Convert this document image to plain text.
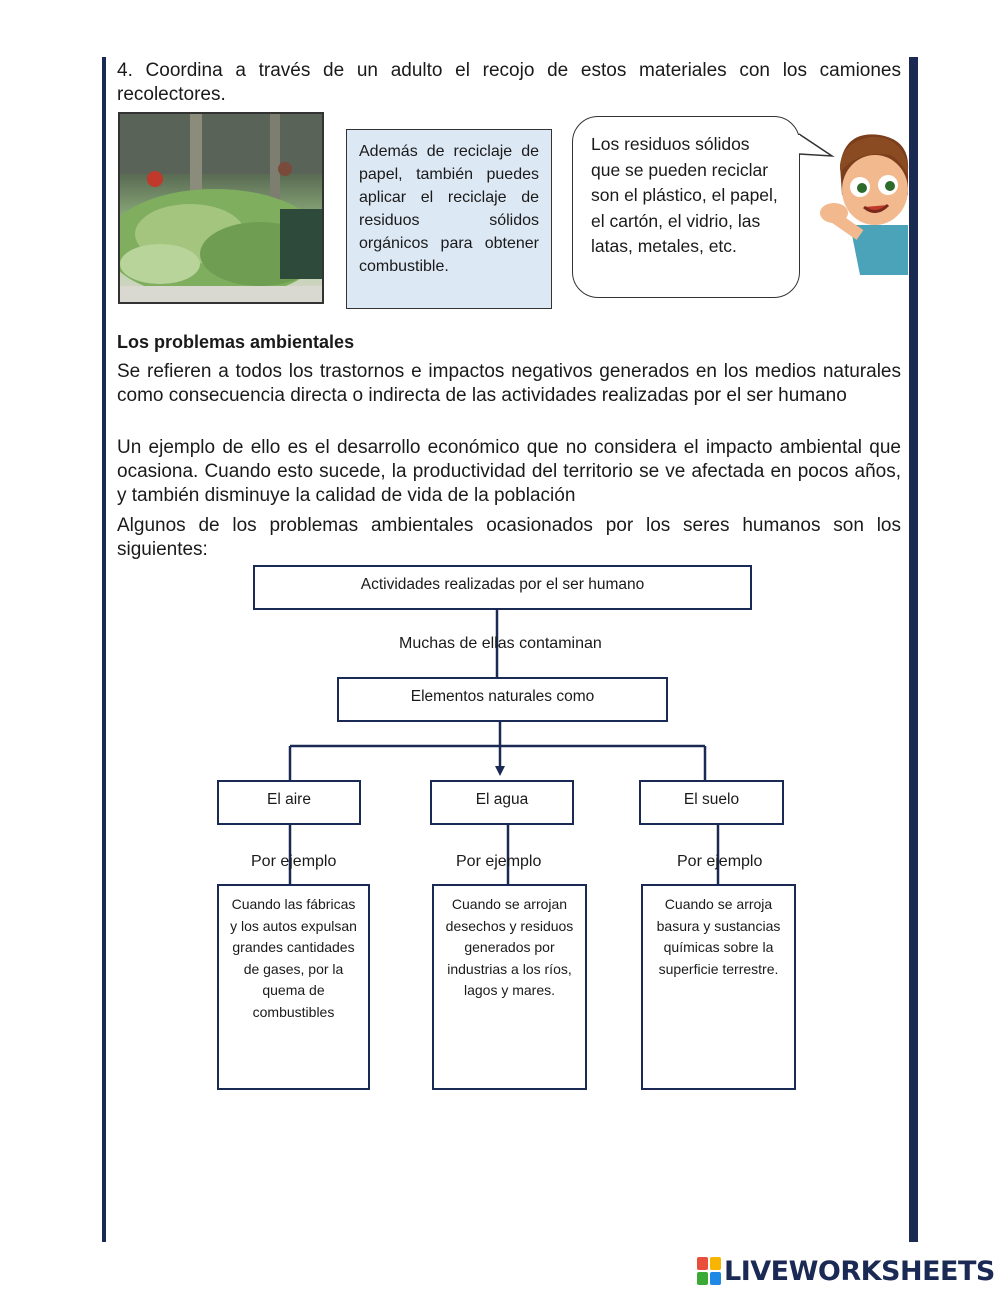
4. Coordina a través de un adulto el recojo de estos materiales con los camiones recolectores.

Además de reciclaje de papel, también puedes aplicar el reciclaje de residuos sólidos orgánicos para obtener combustible.
Los residuos sólidos que se pueden reciclar son el plástico, el papel, el cartón, el vidrio, las latas, metales, etc.
Los problemas ambientales

Se refieren a todos los trastornos e impactos negativos generados en los medios naturales como consecuencia directa o indirecta de las actividades realizadas por el ser humano

Un ejemplo de ello es el desarrollo económico que no considera el impacto ambiental que ocasiona. Cuando esto sucede, la productividad del territorio se ve afectada en pocos años, y también disminuye la calidad de vida de la población

Algunos de los problemas ambientales ocasionados por los seres humanos son los siguientes:

Actividades realizadas por el ser humano
Muchas de ellas contaminan
Elementos naturales como
El aire	El agua	El suelo
Por ejemplo	Por ejemplo	Por ejemplo
Cuando las fábricas y los autos expulsan grandes cantidades de gases, por la quema de combustibles
Cuando se arrojan desechos y residuos generados por industrias a los ríos, lagos y mares.
Cuando se arroja basura y sustancias químicas sobre la superficie terrestre.
LIVEWORKSHEETS
